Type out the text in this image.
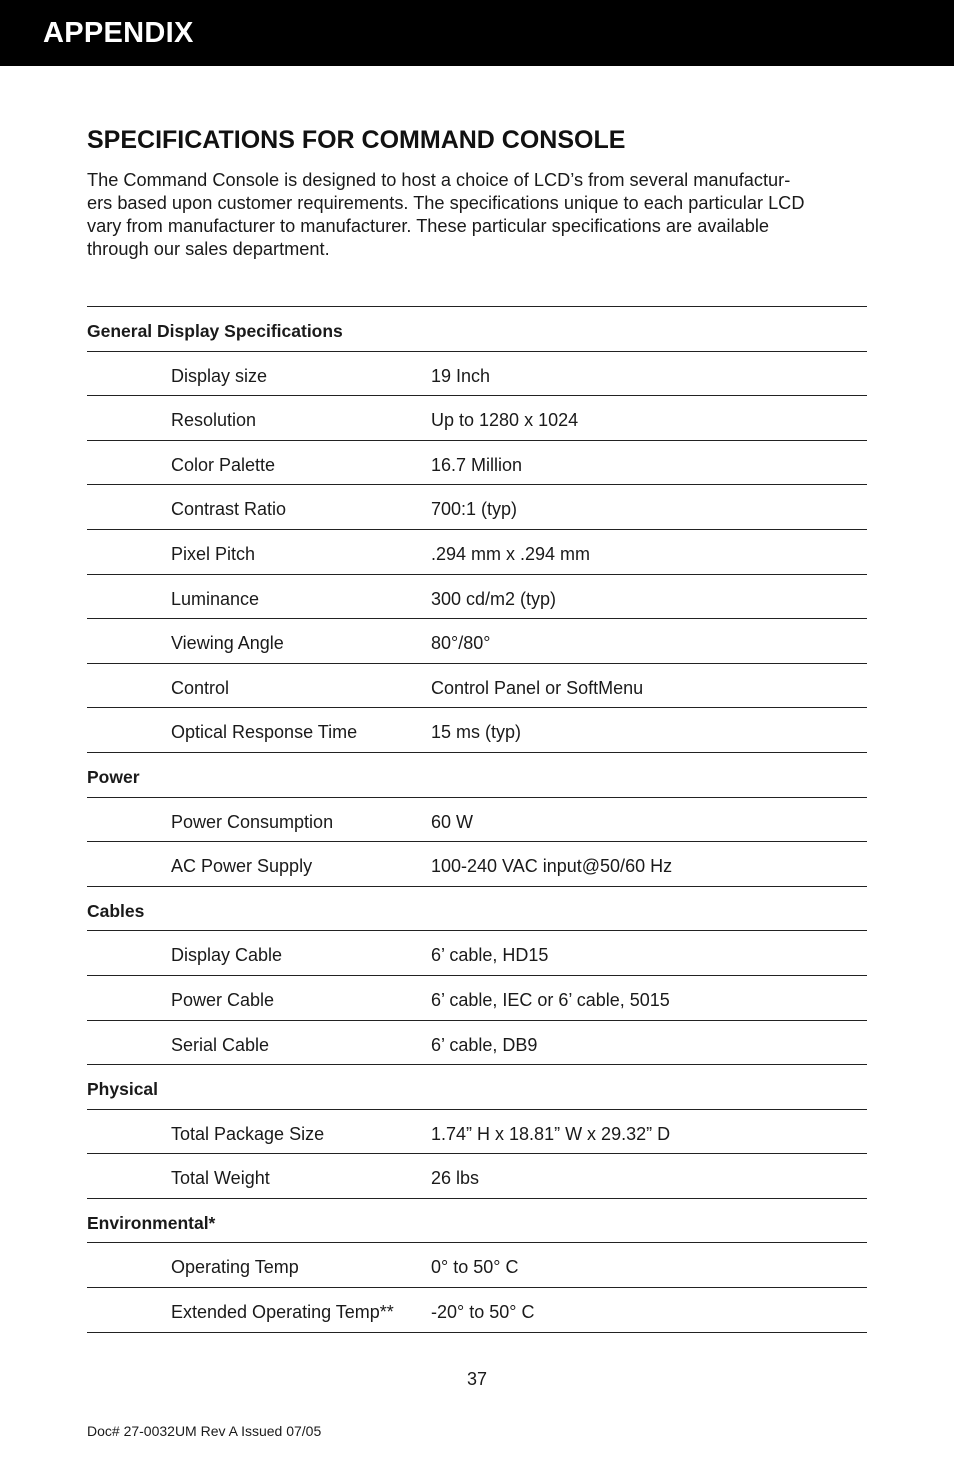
APPENDIX
SPECIFICATIONS FOR COMMAND CONSOLE

The Command Console is designed to host a choice of LCD’s from several manufactur-
ers based upon customer requirements. The specifications unique to each particular LCD
vary from manufacturer to manufacturer. These particular specifications are available
through our sales department.

General Display Specifications
Display size	19 Inch
Resolution	Up to 1280 x 1024
Color Palette	16.7 Million
Contrast Ratio	700:1 (typ)
Pixel Pitch	.294 mm x .294 mm
Luminance	300 cd/m2 (typ)
Viewing Angle	80°/80°
Control	Control Panel or SoftMenu
Optical Response Time	15 ms (typ)
Power
Power Consumption	60 W
AC Power Supply	100-240 VAC input@50/60 Hz
Cables
Display Cable	6’ cable, HD15
Power Cable	6’ cable, IEC or 6’ cable, 5015
Serial Cable	6’ cable, DB9
Physical
Total Package Size	1.74” H x 18.81” W x 29.32” D
Total Weight	26 lbs
Environmental*
Operating Temp	0° to 50° C
Extended Operating Temp** -20° to 50° C
37
Doc# 27-0032UM Rev A Issued 07/05
